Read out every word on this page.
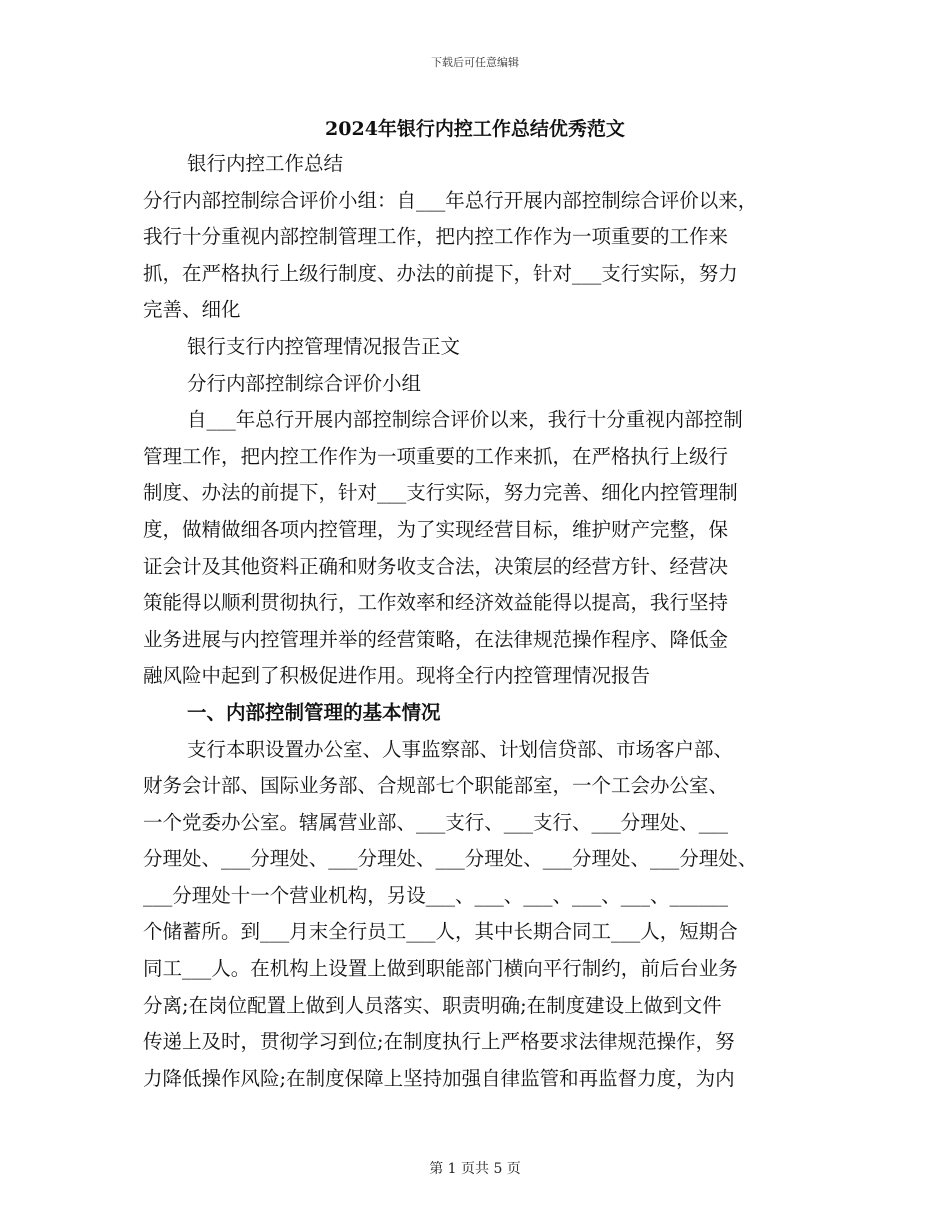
下载后可任意编辑
2024年银行内控工作总结优秀范文

银行内控工作总结

分行内部控制综合评价小组：自___年总行开展内部控制综合评价以来，

我行十分重视内部控制管理工作，把内控工作作为一项重要的工作来

抓，在严格执行上级行制度、办法的前提下，针对___支行实际，努力

完善、细化

银行支行内控管理情况报告正文

分行内部控制综合评价小组

自___年总行开展内部控制综合评价以来，我行十分重视内部控制

管理工作，把内控工作作为一项重要的工作来抓，在严格执行上级行

制度、办法的前提下，针对___支行实际，努力完善、细化内控管理制

度，做精做细各项内控管理，为了实现经营目标，维护财产完整，保

证会计及其他资料正确和财务收支合法，决策层的经营方针、经营决

策能得以顺利贯彻执行，工作效率和经济效益能得以提高，我行坚持

业务进展与内控管理并举的经营策略，在法律规范操作程序、降低金

融风险中起到了积极促进作用。现将全行内控管理情况报告

一、内部控制管理的基本情况

支行本职设置办公室、人事监察部、计划信贷部、市场客户部、

财务会计部、国际业务部、合规部七个职能部室，一个工会办公室、

一个党委办公室。辖属营业部、___支行、___支行、___分理处、___

分理处、___分理处、___分理处、___分理处、___分理处、___分理处、

___分理处十一个营业机构，另设___、___、___、___、___、______

个储蓄所。到___月末全行员工___人，其中长期合同工___人，短期合

同工___人。在机构上设置上做到职能部门横向平行制约，前后台业务

分离;在岗位配置上做到人员落实、职责明确;在制度建设上做到文件

传递上及时，贯彻学习到位;在制度执行上严格要求法律规范操作，努

力降低操作风险;在制度保障上坚持加强自律监管和再监督力度，为内

第 1 页共 5 页
